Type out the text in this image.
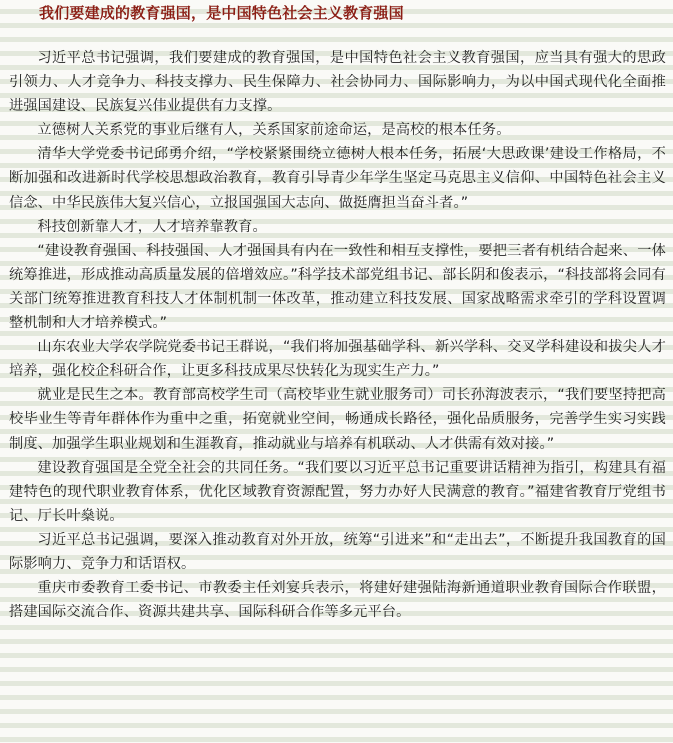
我们要建成的教育强国，是中国特色社会主义教育强国

习近平总书记强调，我们要建成的教育强国，是中国特色社会主义教育强国，应当具有强大的思政引领力、人才竞争力、科技支撑力、民生保障力、社会协同力、国际影响力，为以中国式现代化全面推进强国建设、民族复兴伟业提供有力支撑。

立德树人关系党的事业后继有人，关系国家前途命运，是高校的根本任务。

清华大学党委书记邱勇介绍，“学校紧紧围绕立德树人根本任务，拓展‘大思政课’建设工作格局，不断加强和改进新时代学校思想政治教育，教育引导青少年学生坚定马克思主义信仰、中国特色社会主义信念、中华民族伟大复兴信心，立报国强国大志向、做挺膺担当奋斗者。”

科技创新靠人才，人才培养靠教育。

“建设教育强国、科技强国、人才强国具有内在一致性和相互支撑性，要把三者有机结合起来、一体统筹推进，形成推动高质量发展的倍增效应。”科学技术部党组书记、部长阴和俊表示，“科技部将会同有关部门统筹推进教育科技人才体制机制一体改革，推动建立科技发展、国家战略需求牵引的学科设置调整机制和人才培养模式。”

山东农业大学农学院党委书记王群说，“我们将加强基础学科、新兴学科、交叉学科建设和拔尖人才培养，强化校企科研合作，让更多科技成果尽快转化为现实生产力。”

就业是民生之本。教育部高校学生司（高校毕业生就业服务司）司长孙海波表示，“我们要坚持把高校毕业生等青年群体作为重中之重，拓宽就业空间，畅通成长路径，强化品质服务，完善学生实习实践制度、加强学生职业规划和生涯教育，推动就业与培养有机联动、人才供需有效对接。”

建设教育强国是全党全社会的共同任务。“我们要以习近平总书记重要讲话精神为指引，构建具有福建特色的现代职业教育体系，优化区域教育资源配置，努力办好人民满意的教育。”福建省教育厅党组书记、厅长叶燊说。

习近平总书记强调，要深入推动教育对外开放，统筹“引进来”和“走出去”，不断提升我国教育的国际影响力、竞争力和话语权。

重庆市委教育工委书记、市教委主任刘宴兵表示，将建好建强陆海新通道职业教育国际合作联盟，搭建国际交流合作、资源共建共享、国际科研合作等多元平台。
